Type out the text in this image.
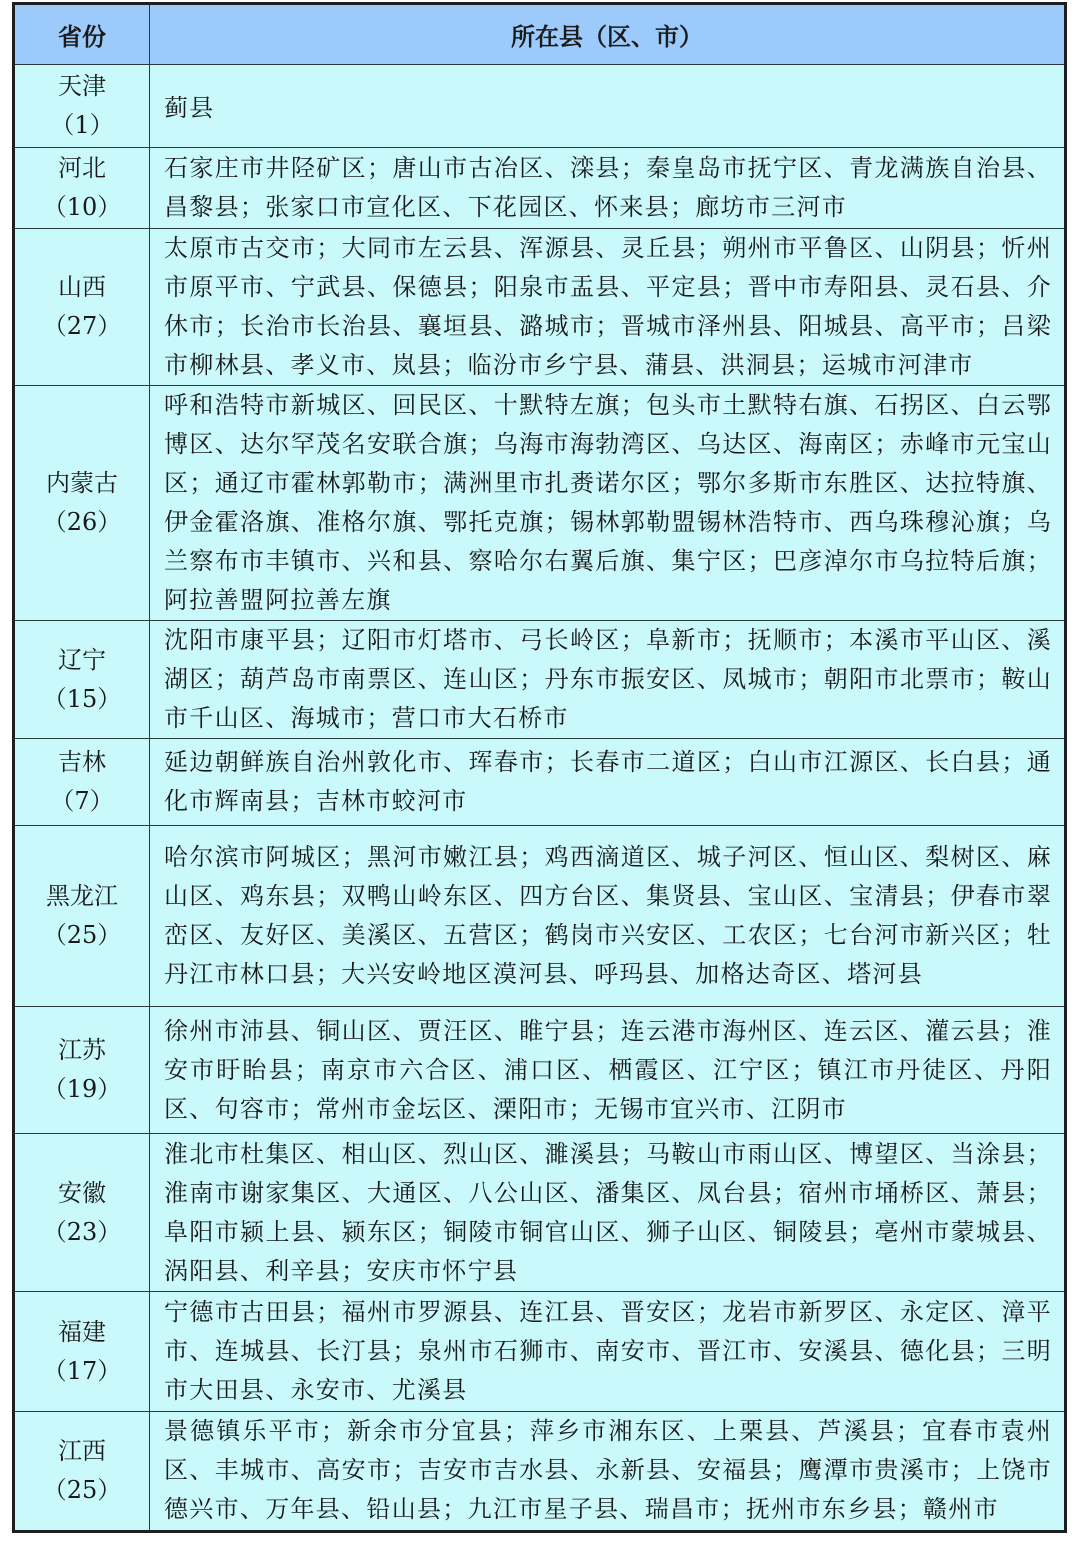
省份	所在县（区、市）

天津
（1）	蓟县

河北
（10）	石家庄市井陉矿区；唐山市古冶区、滦县；秦皇岛市抚宁区、青龙满族自治县、昌黎县；张家口市宣化区、下花园区、怀来县；廊坊市三河市

山西
（27）	太原市古交市；大同市左云县、浑源县、灵丘县；朔州市平鲁区、山阴县；忻州市原平市、宁武县、保德县；阳泉市盂县、平定县；晋中市寿阳县、灵石县、介休市；长治市长治县、襄垣县、潞城市；晋城市泽州县、阳城县、高平市；吕梁市柳林县、孝义市、岚县；临汾市乡宁县、蒲县、洪洞县；运城市河津市

内蒙古
（26）	呼和浩特市新城区、回民区、十默特左旗；包头市土默特右旗、石拐区、白云鄂博区、达尔罕茂名安联合旗；乌海市海勃湾区、乌达区、海南区；赤峰市元宝山区；通辽市霍林郭勒市；满洲里市扎赉诺尔区；鄂尔多斯市东胜区、达拉特旗、伊金霍洛旗、准格尔旗、鄂托克旗；锡林郭勒盟锡林浩特市、西乌珠穆沁旗；乌兰察布市丰镇市、兴和县、察哈尔右翼后旗、集宁区；巴彦淖尔市乌拉特后旗；阿拉善盟阿拉善左旗

辽宁
（15）	沈阳市康平县；辽阳市灯塔市、弓长岭区；阜新市；抚顺市；本溪市平山区、溪湖区；葫芦岛市南票区、连山区；丹东市振安区、凤城市；朝阳市北票市；鞍山市千山区、海城市；营口市大石桥市

吉林
（7）	延边朝鲜族自治州敦化市、珲春市；长春市二道区；白山市江源区、长白县；通化市辉南县；吉林市蛟河市

黑龙江
（25）	哈尔滨市阿城区；黑河市嫩江县；鸡西滴道区、城子河区、恒山区、梨树区、麻山区、鸡东县；双鸭山岭东区、四方台区、集贤县、宝山区、宝清县；伊春市翠峦区、友好区、美溪区、五营区；鹤岗市兴安区、工农区；七台河市新兴区；牡丹江市林口县；大兴安岭地区漠河县、呼玛县、加格达奇区、塔河县

江苏
（19）	徐州市沛县、铜山区、贾汪区、睢宁县；连云港市海州区、连云区、灌云县；淮安市盱眙县；南京市六合区、浦口区、栖霞区、江宁区；镇江市丹徒区、丹阳区、句容市；常州市金坛区、溧阳市；无锡市宜兴市、江阴市

安徽
（23）	淮北市杜集区、相山区、烈山区、濉溪县；马鞍山市雨山区、博望区、当涂县；淮南市谢家集区、大通区、八公山区、潘集区、凤台县；宿州市埇桥区、萧县；阜阳市颍上县、颍东区；铜陵市铜官山区、狮子山区、铜陵县；亳州市蒙城县、涡阳县、利辛县；安庆市怀宁县

福建
（17）	宁德市古田县；福州市罗源县、连江县、晋安区；龙岩市新罗区、永定区、漳平市、连城县、长汀县；泉州市石狮市、南安市、晋江市、安溪县、德化县；三明市大田县、永安市、尤溪县

江西
（25）	景德镇乐平市；新余市分宜县；萍乡市湘东区、上栗县、芦溪县；宜春市袁州区、丰城市、高安市；吉安市吉水县、永新县、安福县；鹰潭市贵溪市；上饶市德兴市、万年县、铅山县；九江市星子县、瑞昌市；抚州市东乡县；赣州市
